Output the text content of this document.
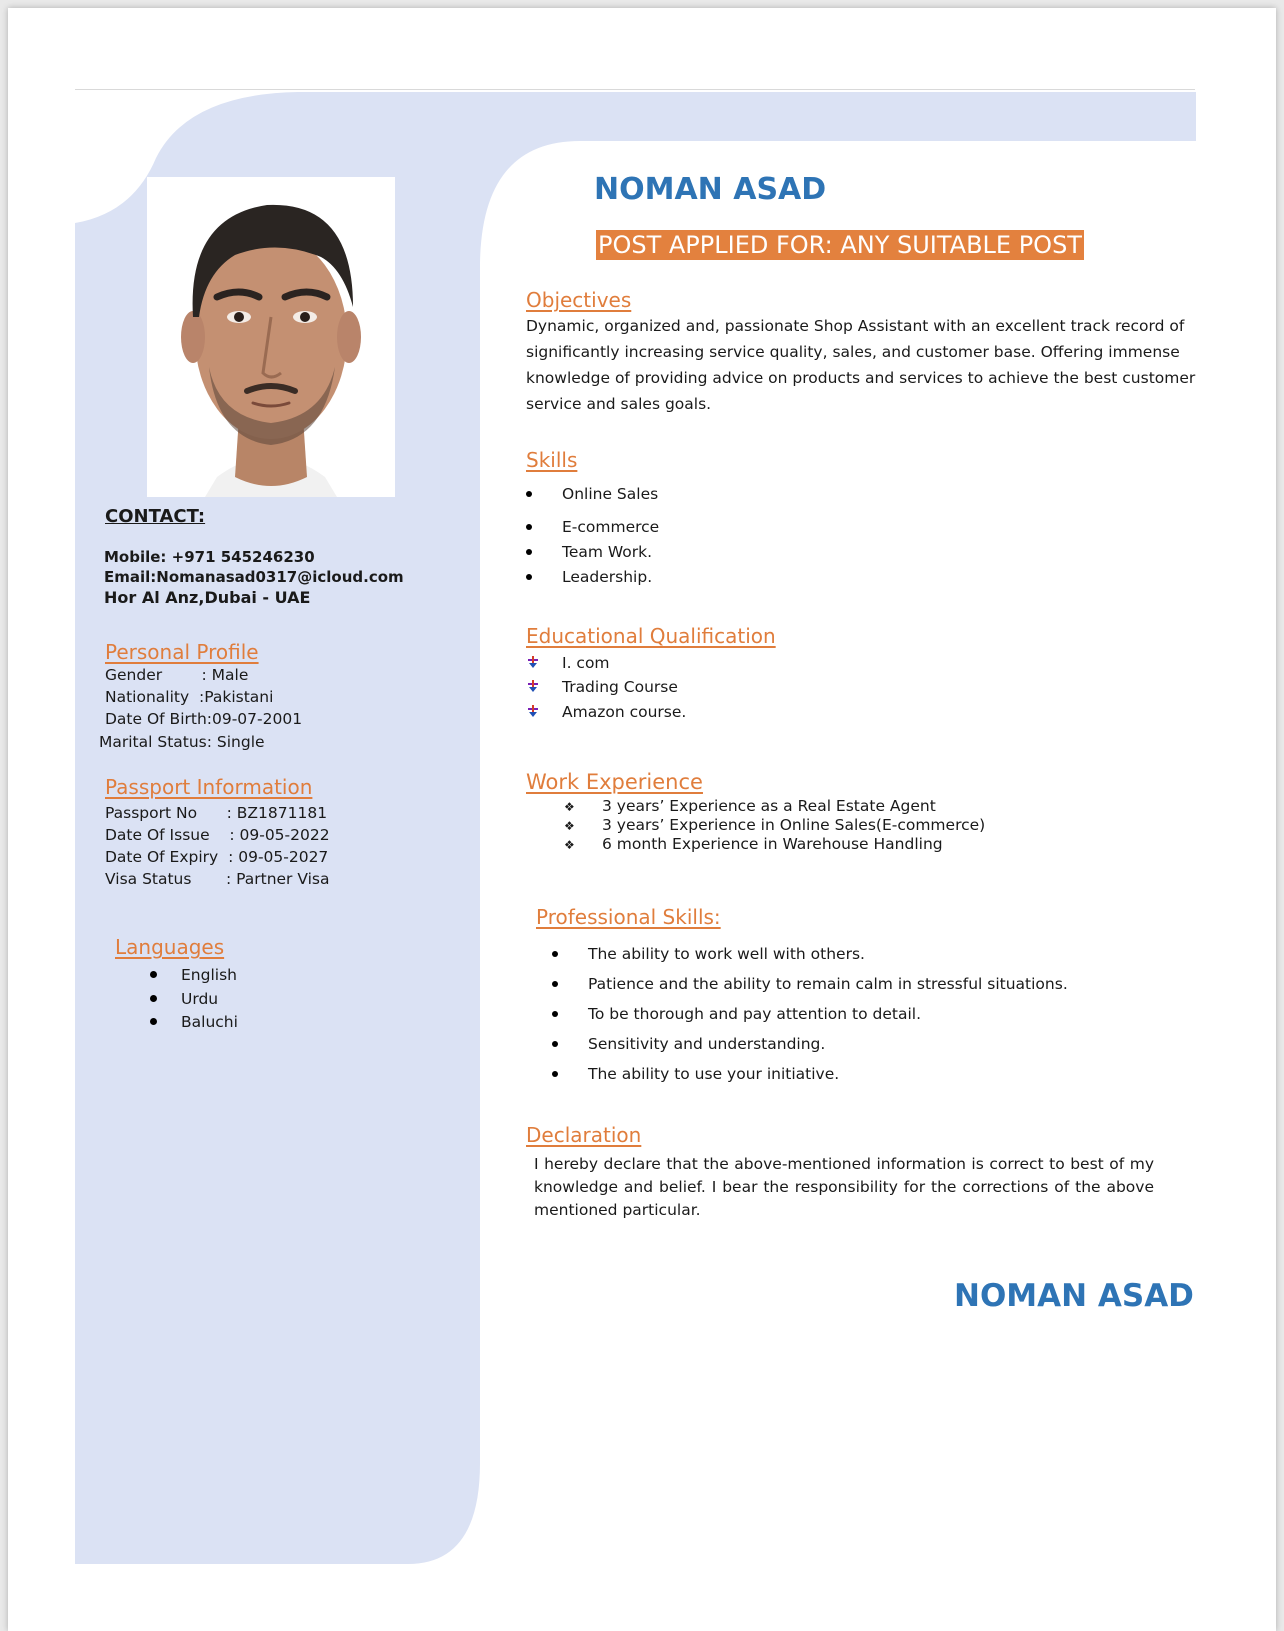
CONTACT:
Mobile: +971 545246230
Email:Nomanasad0317@icloud.com
Hor Al Anz,Dubai - UAE
Personal Profile
Gender        : Male
Nationality  :Pakistani
Date Of Birth:09-07-2001
Marital Status: Single
Passport Information
Passport No      : BZ1871181
Date Of Issue    : 09-05-2022
Date Of Expiry  : 09-05-2027
Visa Status       : Partner Visa
Languages
English
Urdu
Baluchi
NOMAN ASAD
POST APPLIED FOR: ANY SUITABLE POST
Objectives
Dynamic, organized and, passionate Shop Assistant with an excellent track record of
significantly increasing service quality, sales, and customer base. Offering immense
knowledge of providing advice on products and services to achieve the best customer
service and sales goals.
Skills
Online Sales
E-commerce
Team Work.
Leadership.
Educational Qualification
I. com
Trading Course
Amazon course.
Work Experience
❖ 3 years’ Experience as a Real Estate Agent
❖ 3 years’ Experience in Online Sales(E-commerce)
❖ 6 month Experience in Warehouse Handling
Professional Skills:
The ability to work well with others.
Patience and the ability to remain calm in stressful situations.
To be thorough and pay attention to detail.
Sensitivity and understanding.
The ability to use your initiative.
Declaration
I hereby declare that the above-mentioned information is correct to best of my knowledge and belief. I bear the responsibility for the corrections of the above mentioned particular.
NOMAN ASAD
